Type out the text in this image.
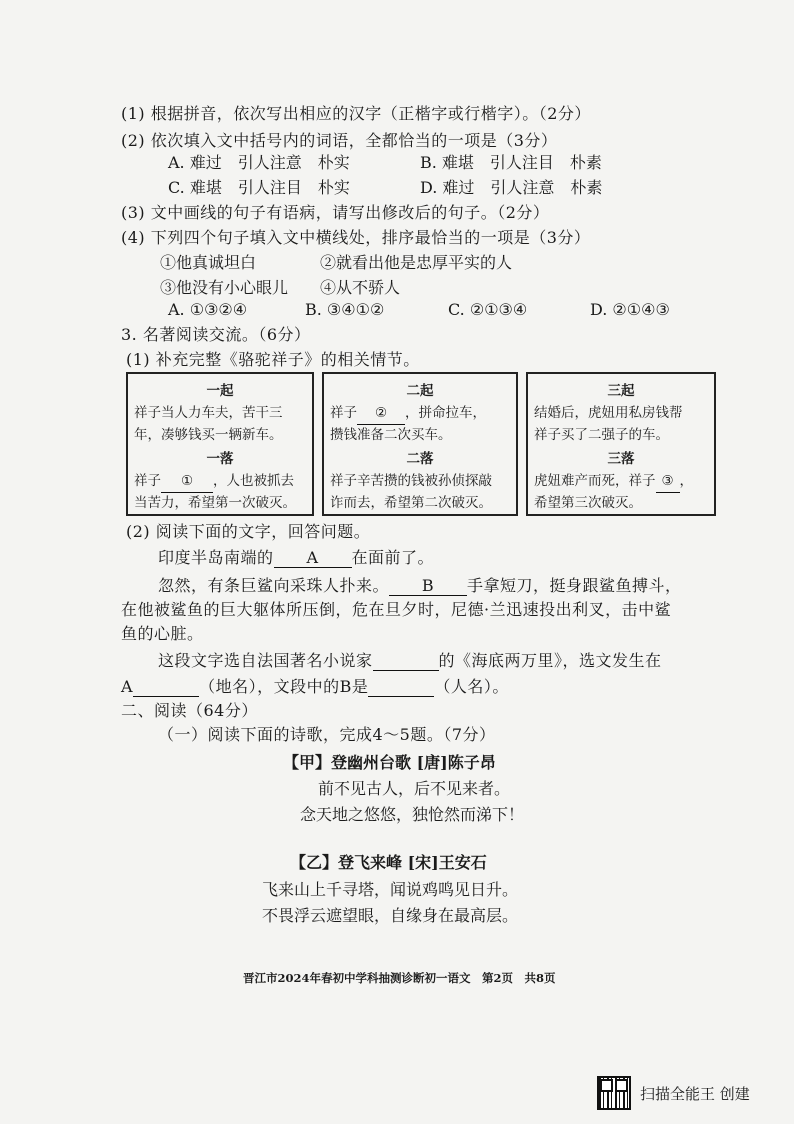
(1) 根据拼音，依次写出相应的汉字（正楷字或行楷字）。（2分）
(2) 依次填入文中括号内的词语，全都恰当的一项是（3分）
A. 难过　引人注意　朴实	B. 难堪　引人注目　朴素
C. 难堪　引人注目　朴实	D. 难过　引人注意　朴素
(3) 文中画线的句子有语病，请写出修改后的句子。（2分）
(4) 下列四个句子填入文中横线处，排序最恰当的一项是（3分）
①他真诚坦白	②就看出他是忠厚平实的人
③他没有小心眼儿 ④从不骄人
A. ①③②④	B. ③④①②	C. ②①③④	D. ②①④③
3. 名著阅读交流。（6分）
(1) 补充完整《骆驼祥子》的相关情节。
一起
祥子当人力车夫，苦干三
年，凑够钱买一辆新车。
一落
祥子 ① ，人也被抓去
当苦力，希望第一次破灭。
二起
祥子 ② ，拼命拉车，
攒钱准备二次买车。
二落
祥子辛苦攒的钱被孙侦探敲
诈而去，希望第二次破灭。
三起
结婚后，虎妞用私房钱帮
祥子买了二强子的车。
三落
虎妞难产而死，祥子 ③ ，
希望第三次破灭。
(2) 阅读下面的文字，回答问题。
印度半岛南端的 A 在面前了。
忽然，有条巨鲨向采珠人扑来。 B 手拿短刀，挺身跟鲨鱼搏斗，
在他被鲨鱼的巨大躯体所压倒，危在旦夕时，尼德·兰迅速投出利叉，击中鲨
鱼的心脏。
这段文字选自法国著名小说家	的《海底两万里》，选文发生在
A	（地名），文段中的B是	（人名）。
二、阅读（64分）
（一）阅读下面的诗歌，完成4～5题。（7分）
【甲】登幽州台歌 [唐]陈子昂
前不见古人，后不见来者。
念天地之悠悠，独怆然而涕下！
【乙】登飞来峰 [宋]王安石
飞来山上千寻塔，闻说鸡鸣见日升。
不畏浮云遮望眼，自缘身在最高层。
晋江市2024年春初中学科抽测诊断初一语文　第2页　共8页
扫描全能王 创建
